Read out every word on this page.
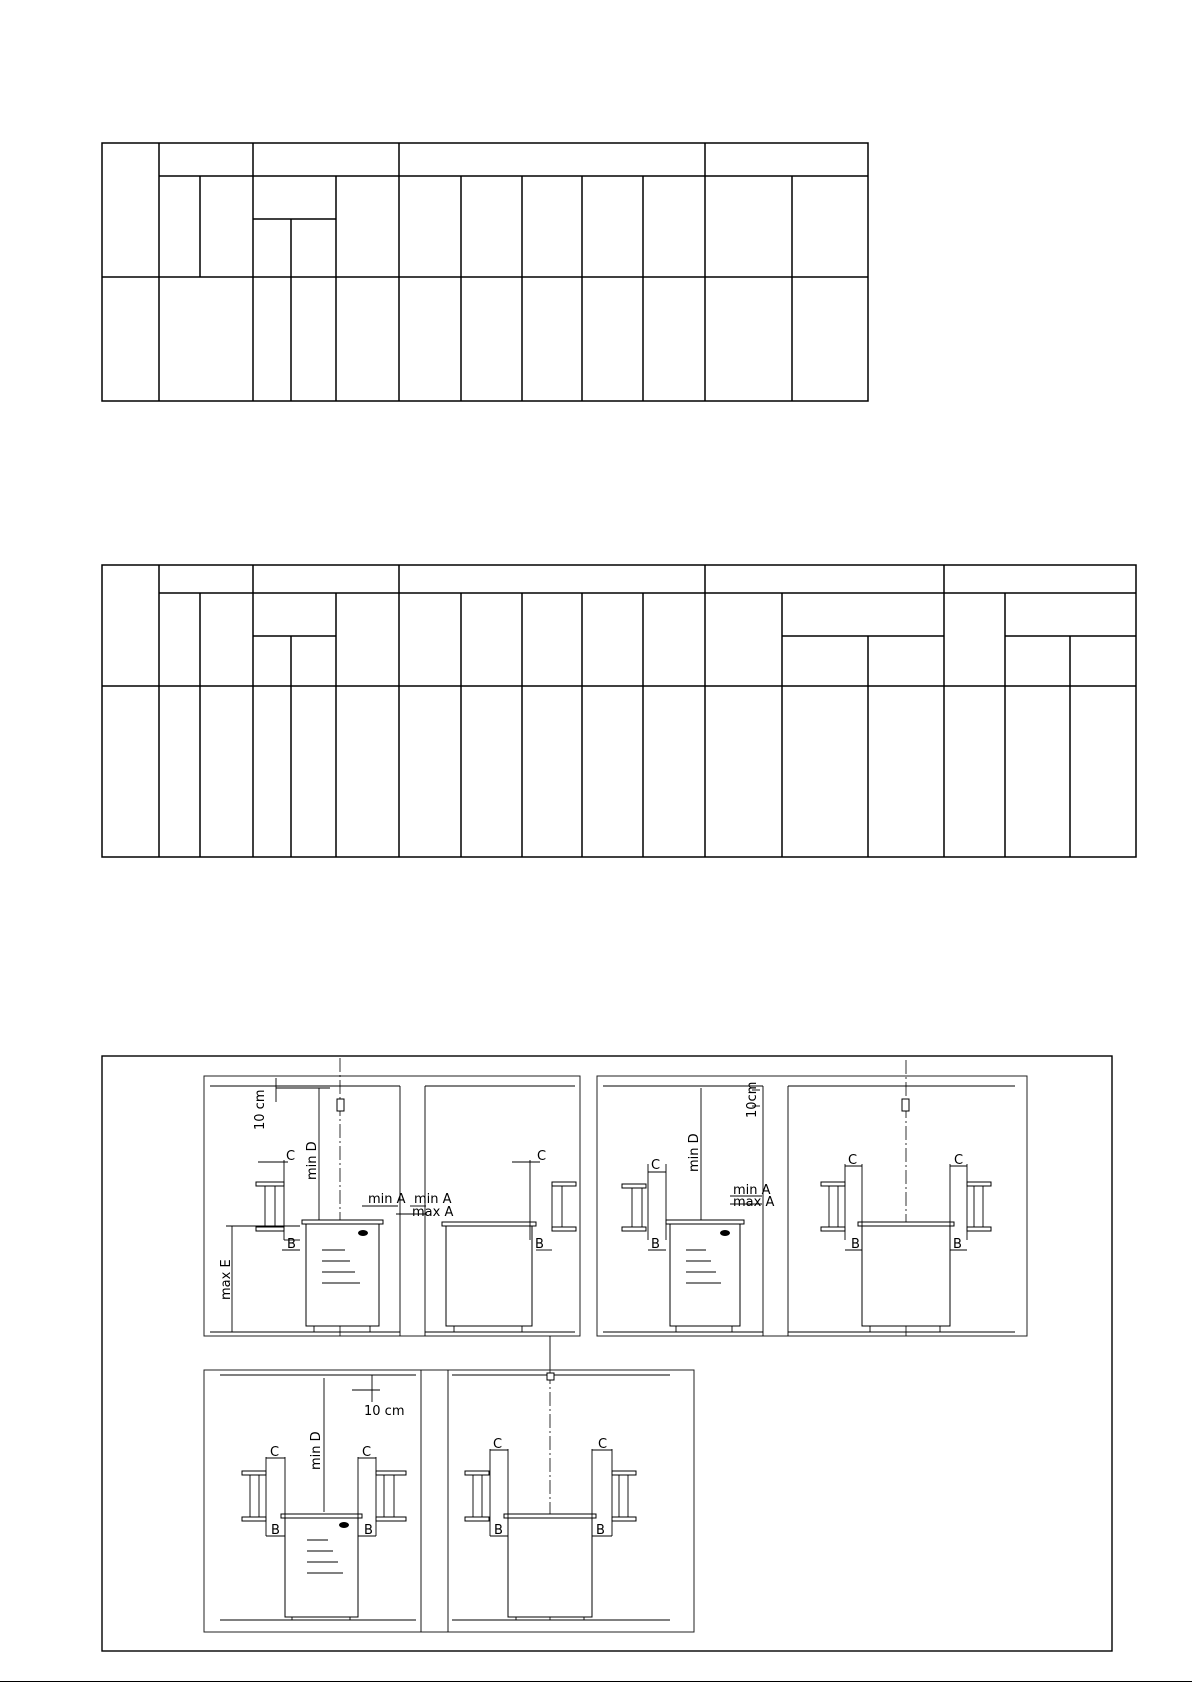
C
B
min A min A
max A
C
B
min D
10 cm
max E
C
B
min A
max A
min D
10cm
C	C
B	B
C	C
B	B
10 cm
min D	C	C
B	B
